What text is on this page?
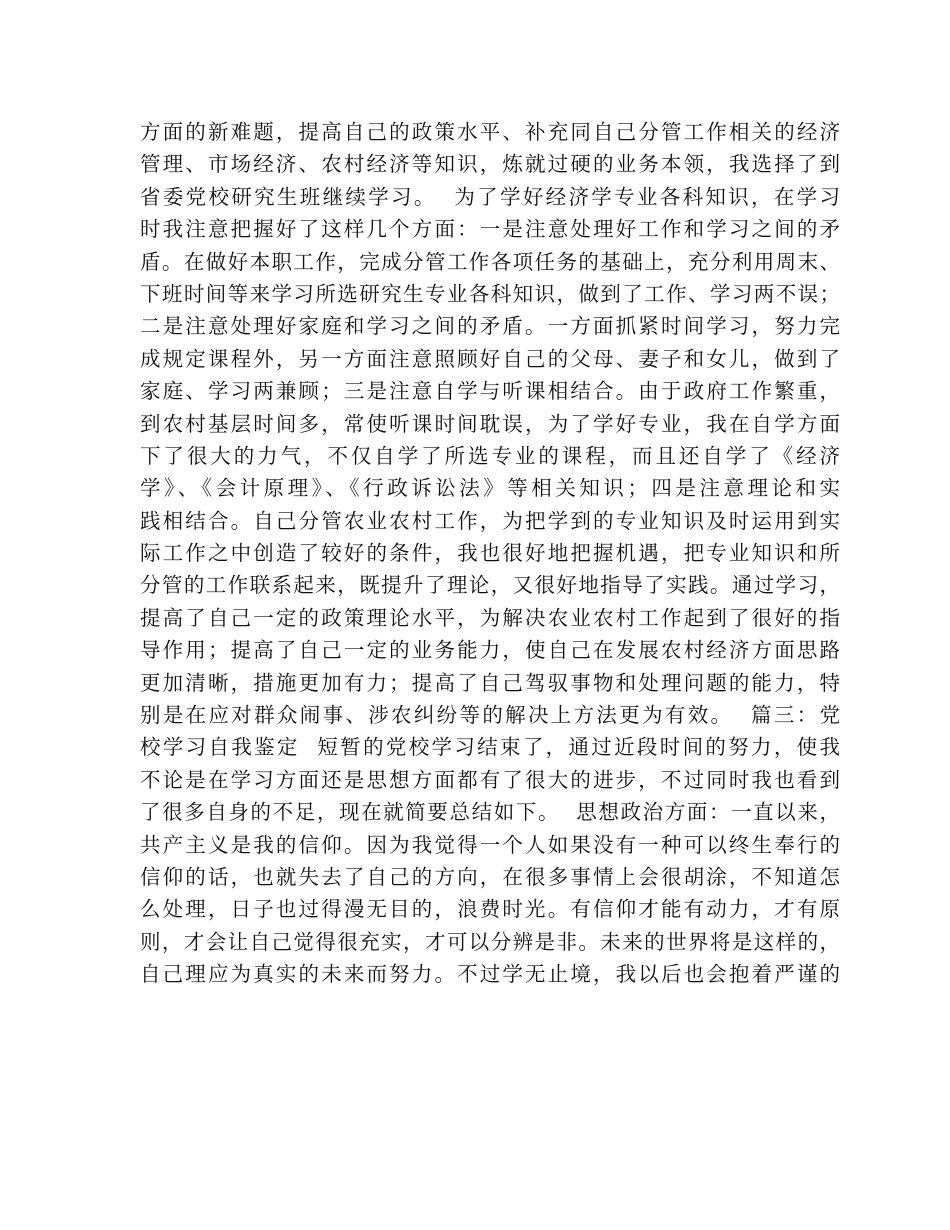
方面的新难题，提高自己的政策水平、补充同自己分管工作相关的经济
管理、市场经济、农村经济等知识，炼就过硬的业务本领，我选择了到
省委党校研究生班继续学习。  为了学好经济学专业各科知识，在学习
时我注意把握好了这样几个方面：一是注意处理好工作和学习之间的矛
盾。在做好本职工作，完成分管工作各项任务的基础上，充分利用周末、
下班时间等来学习所选研究生专业各科知识，做到了工作、学习两不误；
二是注意处理好家庭和学习之间的矛盾。一方面抓紧时间学习，努力完
成规定课程外，另一方面注意照顾好自己的父母、妻子和女儿，做到了
家庭、学习两兼顾；三是注意自学与听课相结合。由于政府工作繁重，
到农村基层时间多，常使听课时间耽误，为了学好专业，我在自学方面
下了很大的力气，不仅自学了所选专业的课程，而且还自学了《经济
学》、《会计原理》、《行政诉讼法》等相关知识；四是注意理论和实
践相结合。自己分管农业农村工作，为把学到的专业知识及时运用到实
际工作之中创造了较好的条件，我也很好地把握机遇，把专业知识和所
分管的工作联系起来，既提升了理论，又很好地指导了实践。通过学习，
提高了自己一定的政策理论水平，为解决农业农村工作起到了很好的指
导作用；提高了自己一定的业务能力，使自己在发展农村经济方面思路
更加清晰，措施更加有力；提高了自己驾驭事物和处理问题的能力，特
别是在应对群众闹事、涉农纠纷等的解决上方法更为有效。  篇三：党
校学习自我鉴定  短暂的党校学习结束了，通过近段时间的努力，使我
不论是在学习方面还是思想方面都有了很大的进步，不过同时我也看到
了很多自身的不足，现在就简要总结如下。  思想政治方面：一直以来，
共产主义是我的信仰。因为我觉得一个人如果没有一种可以终生奉行的
信仰的话，也就失去了自己的方向，在很多事情上会很胡涂，不知道怎
么处理，日子也过得漫无目的，浪费时光。有信仰才能有动力，才有原
则，才会让自己觉得很充实，才可以分辨是非。未来的世界将是这样的，
自己理应为真实的未来而努力。不过学无止境，我以后也会抱着严谨的
